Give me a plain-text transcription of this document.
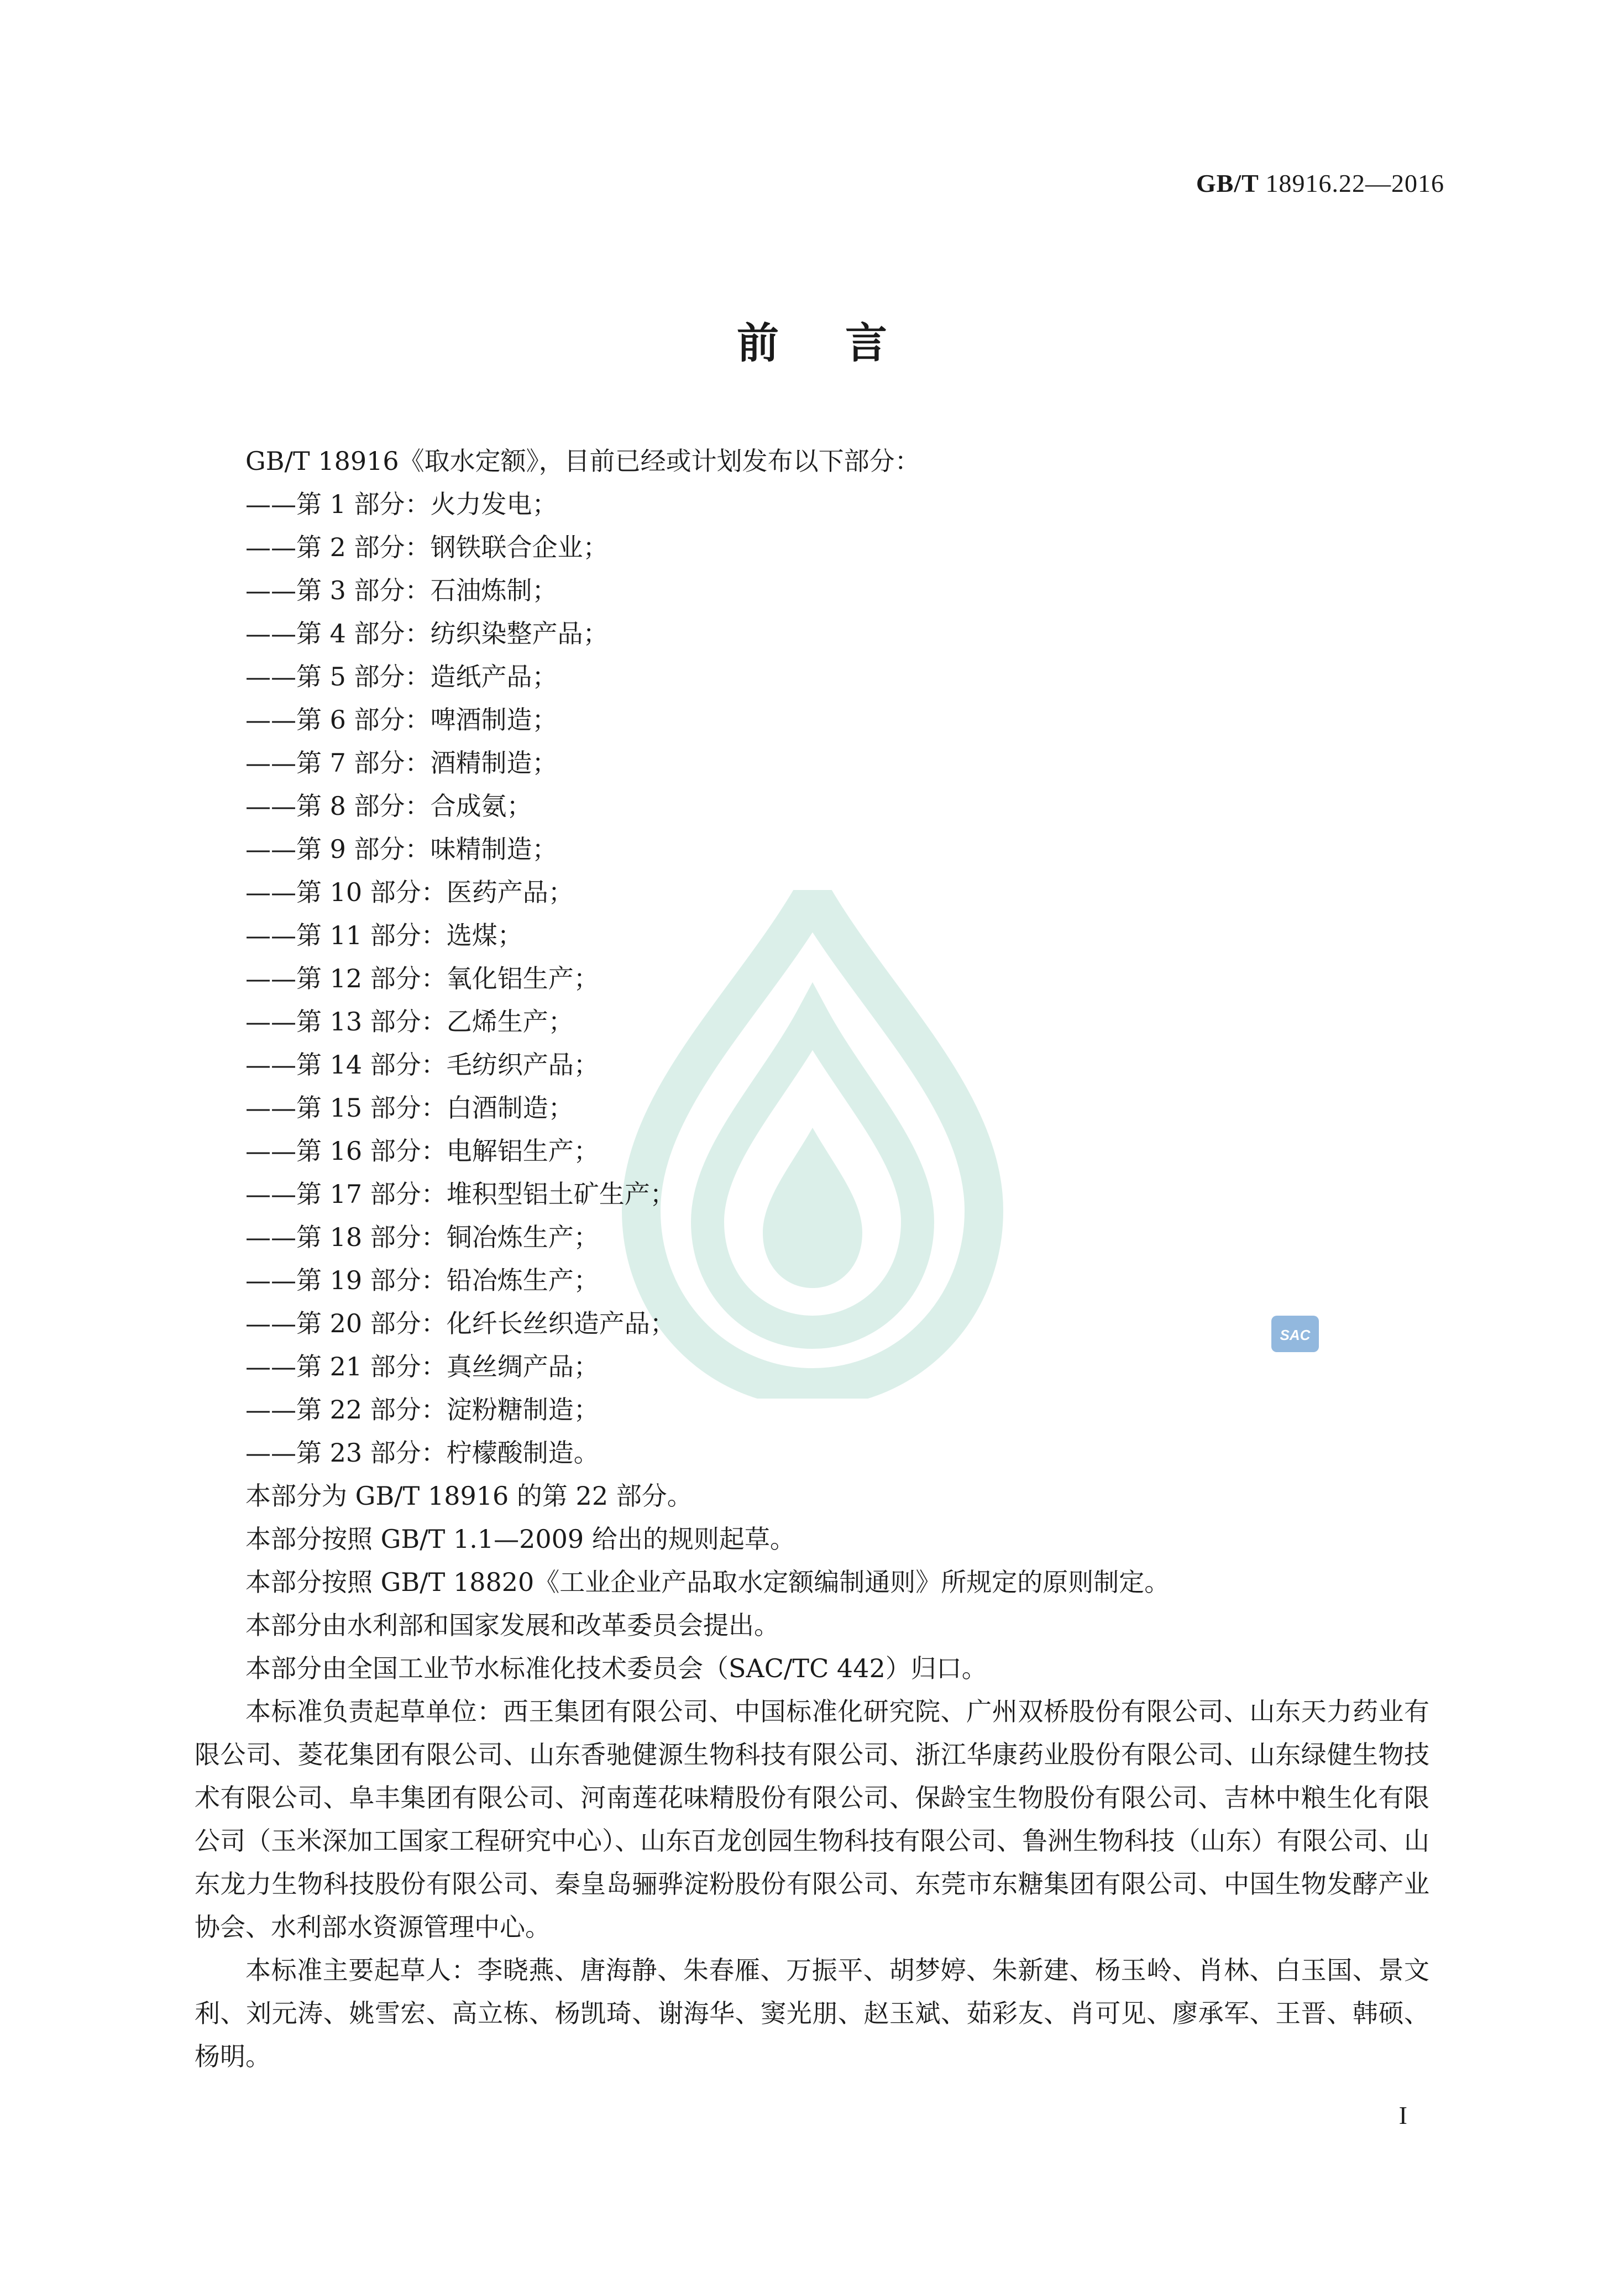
SAC
GB/T 18916.22—2016
前言

GB/T 18916《取水定额》，目前已经或计划发布以下部分：

——第 1 部分：火力发电；

——第 2 部分：钢铁联合企业；

——第 3 部分：石油炼制；

——第 4 部分：纺织染整产品；

——第 5 部分：造纸产品；

——第 6 部分：啤酒制造；

——第 7 部分：酒精制造；

——第 8 部分：合成氨；

——第 9 部分：味精制造；

——第 10 部分：医药产品；

——第 11 部分：选煤；

——第 12 部分：氧化铝生产；

——第 13 部分：乙烯生产；

——第 14 部分：毛纺织产品；

——第 15 部分：白酒制造；

——第 16 部分：电解铝生产；

——第 17 部分：堆积型铝土矿生产；

——第 18 部分：铜冶炼生产；

——第 19 部分：铅冶炼生产；

——第 20 部分：化纤长丝织造产品；

——第 21 部分：真丝绸产品；

——第 22 部分：淀粉糖制造；

——第 23 部分：柠檬酸制造。

本部分为 GB/T 18916 的第 22 部分。

本部分按照 GB/T 1.1—2009 给出的规则起草。

本部分按照 GB/T 18820《工业企业产品取水定额编制通则》所规定的原则制定。

本部分由水利部和国家发展和改革委员会提出。

本部分由全国工业节水标准化技术委员会（SAC/TC 442）归口。

本标准负责起草单位：西王集团有限公司、中国标准化研究院、广州双桥股份有限公司、山东天力药业有限公司、菱花集团有限公司、山东香驰健源生物科技有限公司、浙江华康药业股份有限公司、山东绿健生物技术有限公司、阜丰集团有限公司、河南莲花味精股份有限公司、保龄宝生物股份有限公司、吉林中粮生化有限公司（玉米深加工国家工程研究中心）、山东百龙创园生物科技有限公司、鲁洲生物科技（山东）有限公司、山东龙力生物科技股份有限公司、秦皇岛骊骅淀粉股份有限公司、东莞市东糖集团有限公司、中国生物发酵产业协会、水利部水资源管理中心。

本标准主要起草人：李晓燕、唐海静、朱春雁、万振平、胡梦婷、朱新建、杨玉岭、肖林、白玉国、景文利、刘元涛、姚雪宏、高立栋、杨凯琦、谢海华、窦光朋、赵玉斌、茹彩友、肖可见、廖承军、王晋、韩硕、杨明。

I
